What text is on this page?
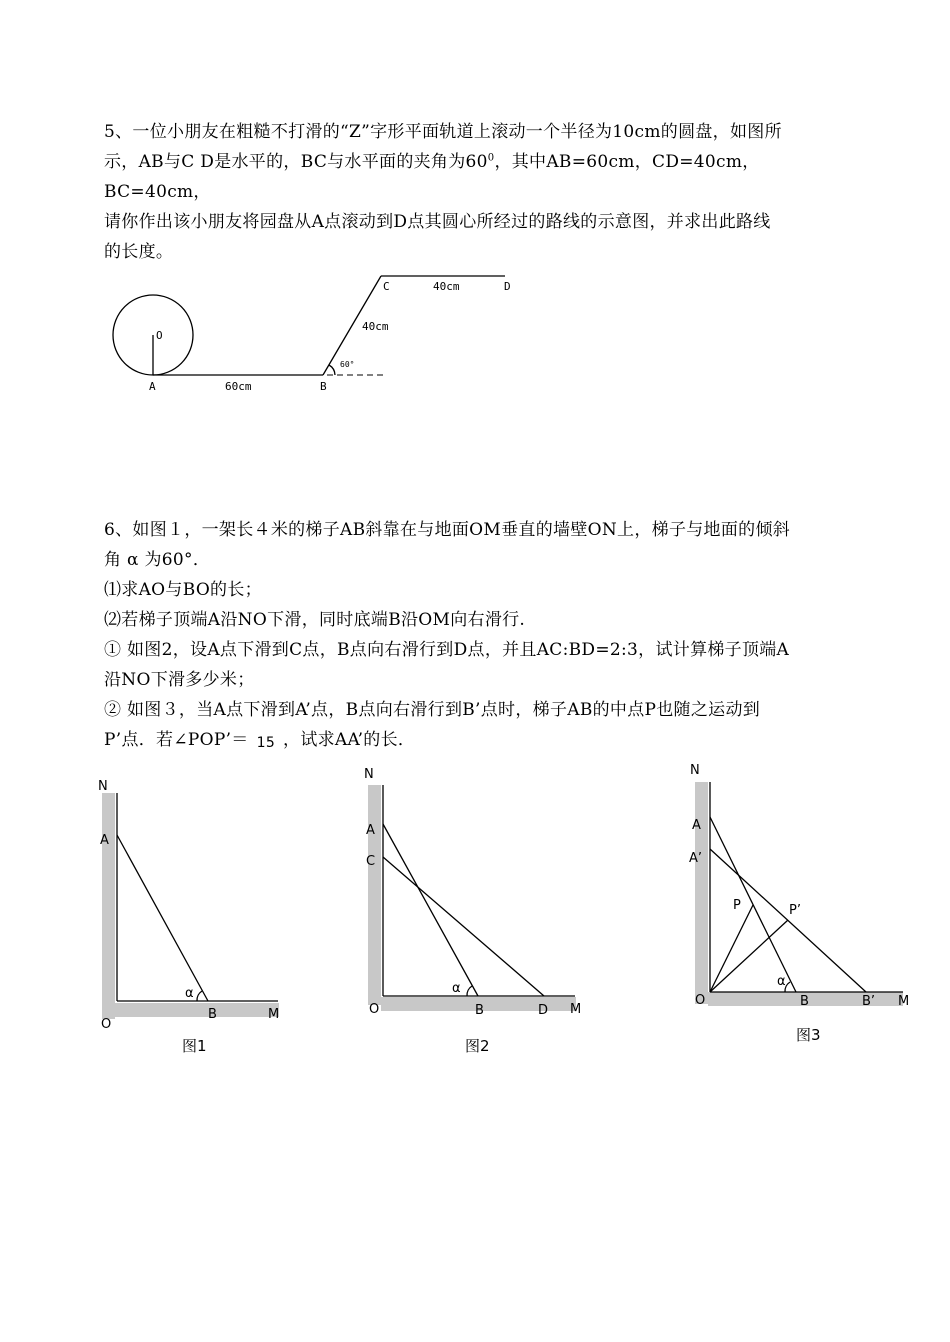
5、一位小朋友在粗糙不打滑的“Z”字形平面轨道上滚动一个半径为10cm的圆盘，如图所
示，AB与C D是水平的，BC与水平面的夹角为$60^0$，其中AB=60cm，CD=40cm，BC=40cm，
请你作出该小朋友将园盘从A点滚动到D点其圆心所经过的路线的示意图，并求出此路线
的长度。
O
A	60cm	B
60°
40cm
C	40cm	D
6、如图１，一架长４米的梯子AB斜靠在与地面OM垂直的墙壁ON上，梯子与地面的倾斜
角 α 为60°．
⑴求AO与BO的长；
⑵若梯子顶端A沿NO下滑，同时底端B沿OM向右滑行.
① 如图2，设A点下滑到C点，B点向右滑行到D点，并且AC:BD=2:3，试计算梯子顶端A
沿NO下滑多少米；
② 如图３，当A点下滑到A’点，B点向右滑行到B’点时，梯子AB的中点P也随之运动到
P’点．若∠POP’＝ 15 ，试求AA’的长．
N
A
α
O
B	M
图1
N
A
C
α
O	B	D M
图2
N
A
A’
P	P’
α
O	B	B’ M
图3
